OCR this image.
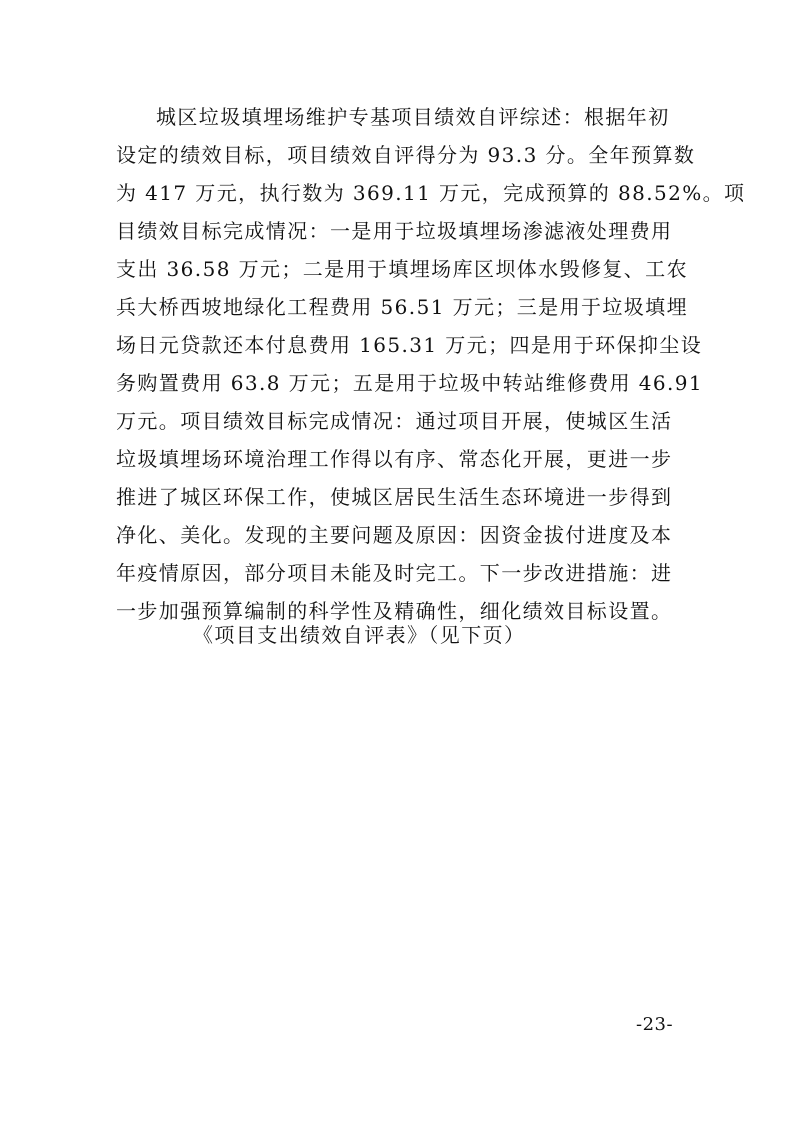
城区垃圾填埋场维护专基项目绩效自评综述：根据年初
设定的绩效目标，项目绩效自评得分为 93.3 分。全年预算数
为 417 万元，执行数为 369.11 万元，完成预算的 88.52%。项
目绩效目标完成情况：一是用于垃圾填埋场渗滤液处理费用
支出 36.58 万元；二是用于填埋场库区坝体水毁修复、工农
兵大桥西坡地绿化工程费用 56.51 万元；三是用于垃圾填埋
场日元贷款还本付息费用 165.31 万元；四是用于环保抑尘设
务购置费用 63.8 万元；五是用于垃圾中转站维修费用 46.91
万元。项目绩效目标完成情况：通过项目开展，使城区生活
垃圾填埋场环境治理工作得以有序、常态化开展，更进一步
推进了城区环保工作，使城区居民生活生态环境进一步得到
净化、美化。发现的主要问题及原因：因资金拔付进度及本
年疫情原因，部分项目未能及时完工。下一步改进措施：进
一步加强预算编制的科学性及精确性，细化绩效目标设置。
《项目支出绩效自评表》（见下页）
-23-
